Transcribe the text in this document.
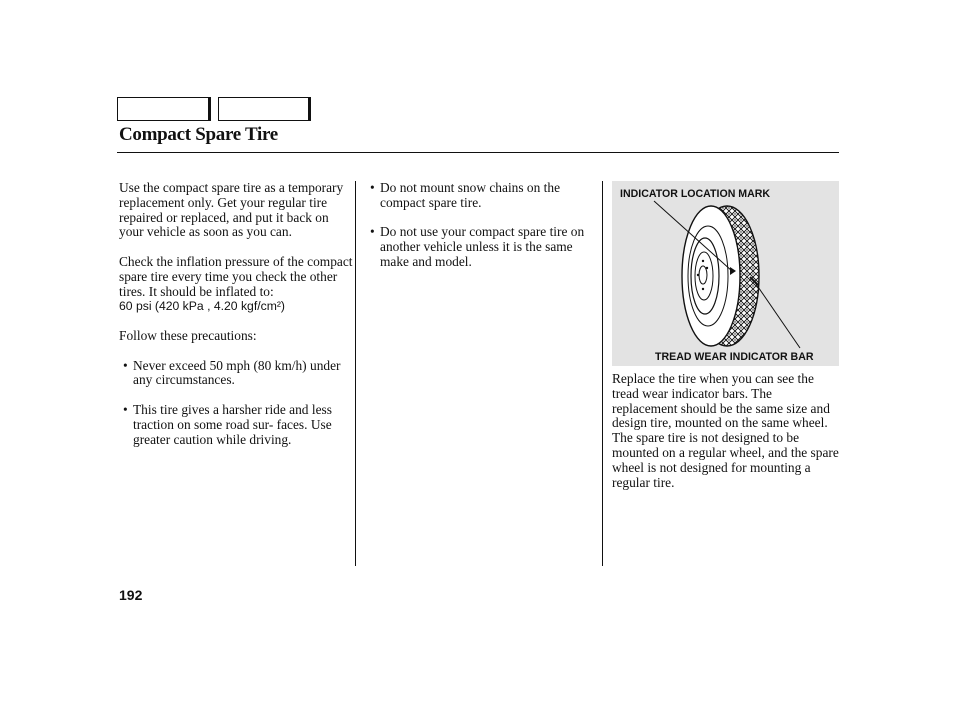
Compact Spare Tire

Use the compact spare tire as a temporary replacement only. Get your regular tire repaired or replaced, and put it back on your vehicle as soon as you can.

Check the inflation pressure of the compact spare tire every time you check the other tires. It should be inflated to:

60 psi (420 kPa , 4.20 kgf/cm²)

Follow these precautions:

• Never exceed 50 mph (80 km/h) under any circumstances.
• This tire gives a harsher ride and less traction on some road sur- faces. Use greater caution while driving.
• Do not mount snow chains on the compact spare tire.
• Do not use your compact spare tire on another vehicle unless it is the same make and model.
INDICATOR LOCATION MARK
TREAD WEAR INDICATOR BAR

Replace the tire when you can see the tread wear indicator bars. The replacement should be the same size and design tire, mounted on the same wheel. The spare tire is not designed to be mounted on a regular wheel, and the spare wheel is not designed for mounting a regular tire.

192
